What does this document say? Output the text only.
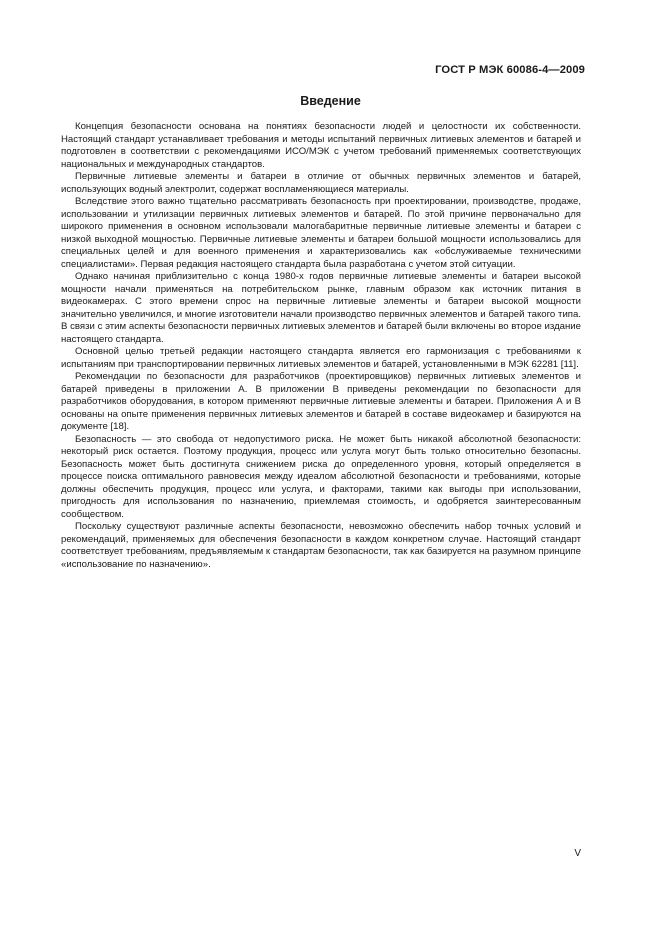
ГОСТ Р МЭК 60086-4—2009
Введение

Концепция безопасности основана на понятиях безопасности людей и целостности их собственности. Настоящий стандарт устанавливает требования и методы испытаний первичных литиевых элементов и батарей и подготовлен в соответствии с рекомендациями ИСО/МЭК с учетом требований применяемых соответствующих национальных и международных стандартов.

Первичные литиевые элементы и батареи в отличие от обычных первичных элементов и батарей, использующих водный электролит, содержат воспламеняющиеся материалы.

Вследствие этого важно тщательно рассматривать безопасность при проектировании, производстве, продаже, использовании и утилизации первичных литиевых элементов и батарей. По этой причине первоначально для широкого применения в основном использовали малогабаритные первичные литиевые элементы и батареи с низкой выходной мощностью. Первичные литиевые элементы и батареи большой мощности использовались для специальных целей и для военного применения и характеризовались как «обслуживаемые техническими специалистами». Первая редакция настоящего стандарта была разработана с учетом этой ситуации.

Однако начиная приблизительно с конца 1980-х годов первичные литиевые элементы и батареи высокой мощности начали применяться на потребительском рынке, главным образом как источник питания в видеокамерах. С этого времени спрос на первичные литиевые элементы и батареи высокой мощности значительно увеличился, и многие изготовители начали производство первичных элементов и батарей такого типа. В связи с этим аспекты безопасности первичных литиевых элементов и батарей были включены во второе издание настоящего стандарта.

Основной целью третьей редакции настоящего стандарта является его гармонизация с требованиями к испытаниям при транспортировании первичных литиевых элементов и батарей, установленными в МЭК 62281 [11].

Рекомендации по безопасности для разработчиков (проектировщиков) первичных литиевых элементов и батарей приведены в приложении А. В приложении В приведены рекомендации по безопасности для разработчиков оборудования, в котором применяют первичные литиевые элементы и батареи. Приложения А и В основаны на опыте применения первичных литиевых элементов и батарей в составе видеокамер и базируются на документе [18].

Безопасность — это свобода от недопустимого риска. Не может быть никакой абсолютной безопасности: некоторый риск остается. Поэтому продукция, процесс или услуга могут быть только относительно безопасны. Безопасность может быть достигнута снижением риска до определенного уровня, который определяется в процессе поиска оптимального равновесия между идеалом абсолютной безопасности и требованиями, которые должны обеспечить продукция, процесс или услуга, и факторами, такими как выгоды при использовании, пригодность для использования по назначению, приемлемая стоимость, и одобряется заинтересованным сообществом.

Поскольку существуют различные аспекты безопасности, невозможно обеспечить набор точных условий и рекомендаций, применяемых для обеспечения безопасности в каждом конкретном случае. Настоящий стандарт соответствует требованиям, предъявляемым к стандартам безопасности, так как базируется на разумном принципе «использование по назначению».

V
